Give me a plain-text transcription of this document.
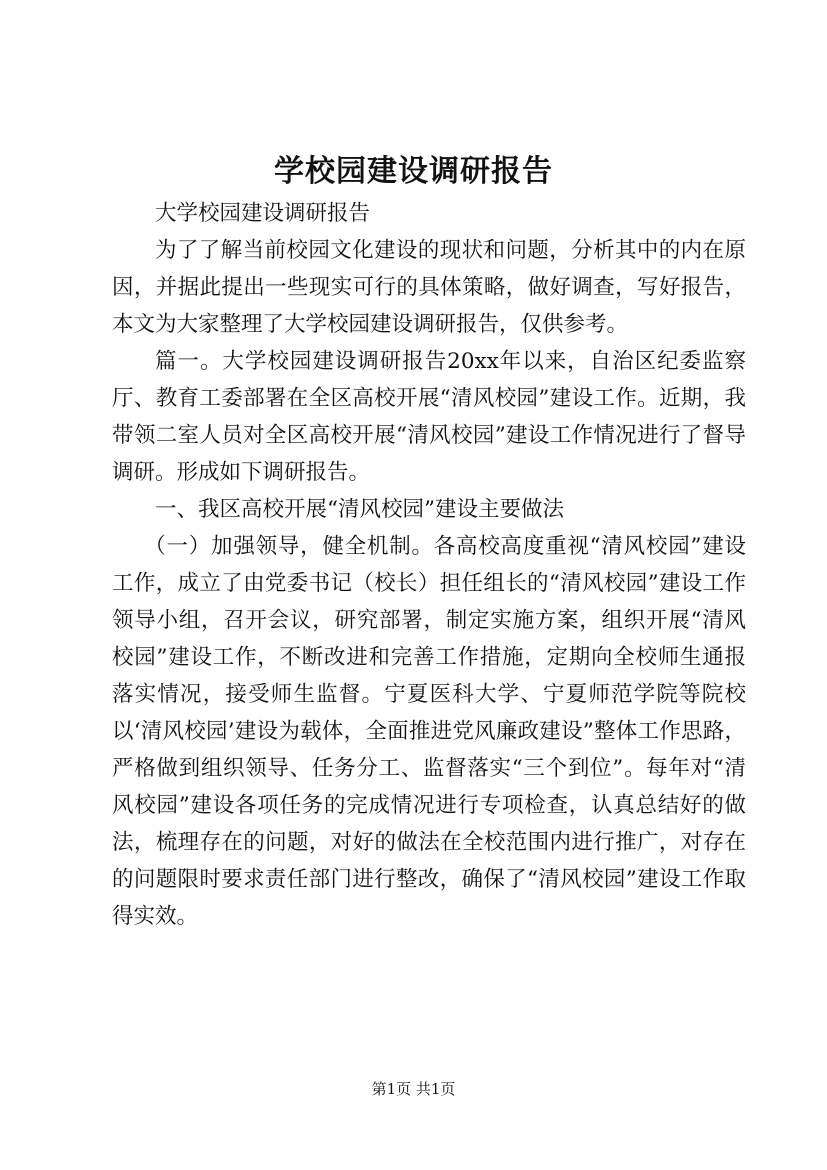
学校园建设调研报告

大学校园建设调研报告

为了了解当前校园文化建设的现状和问题，分析其中的内在原因，并据此提出一些现实可行的具体策略，做好调查，写好报告，本文为大家整理了大学校园建设调研报告，仅供参考。

篇一。大学校园建设调研报告20xx年以来，自治区纪委监察厅、教育工委部署在全区高校开展“清风校园”建设工作。近期，我带领二室人员对全区高校开展“清风校园”建设工作情况进行了督导调研。形成如下调研报告。

一、我区高校开展“清风校园”建设主要做法

（一）加强领导，健全机制。各高校高度重视“清风校园”建设工作，成立了由党委书记（校长）担任组长的“清风校园”建设工作领导小组，召开会议，研究部署，制定实施方案，组织开展“清风校园”建设工作，不断改进和完善工作措施，定期向全校师生通报落实情况，接受师生监督。宁夏医科大学、宁夏师范学院等院校以‘清风校园’建设为载体，全面推进党风廉政建设”整体工作思路，严格做到组织领导、任务分工、监督落实“三个到位”。每年对“清风校园”建设各项任务的完成情况进行专项检查，认真总结好的做法，梳理存在的问题，对好的做法在全校范围内进行推广，对存在的问题限时要求责任部门进行整改，确保了“清风校园”建设工作取得实效。

第1页 共1页
